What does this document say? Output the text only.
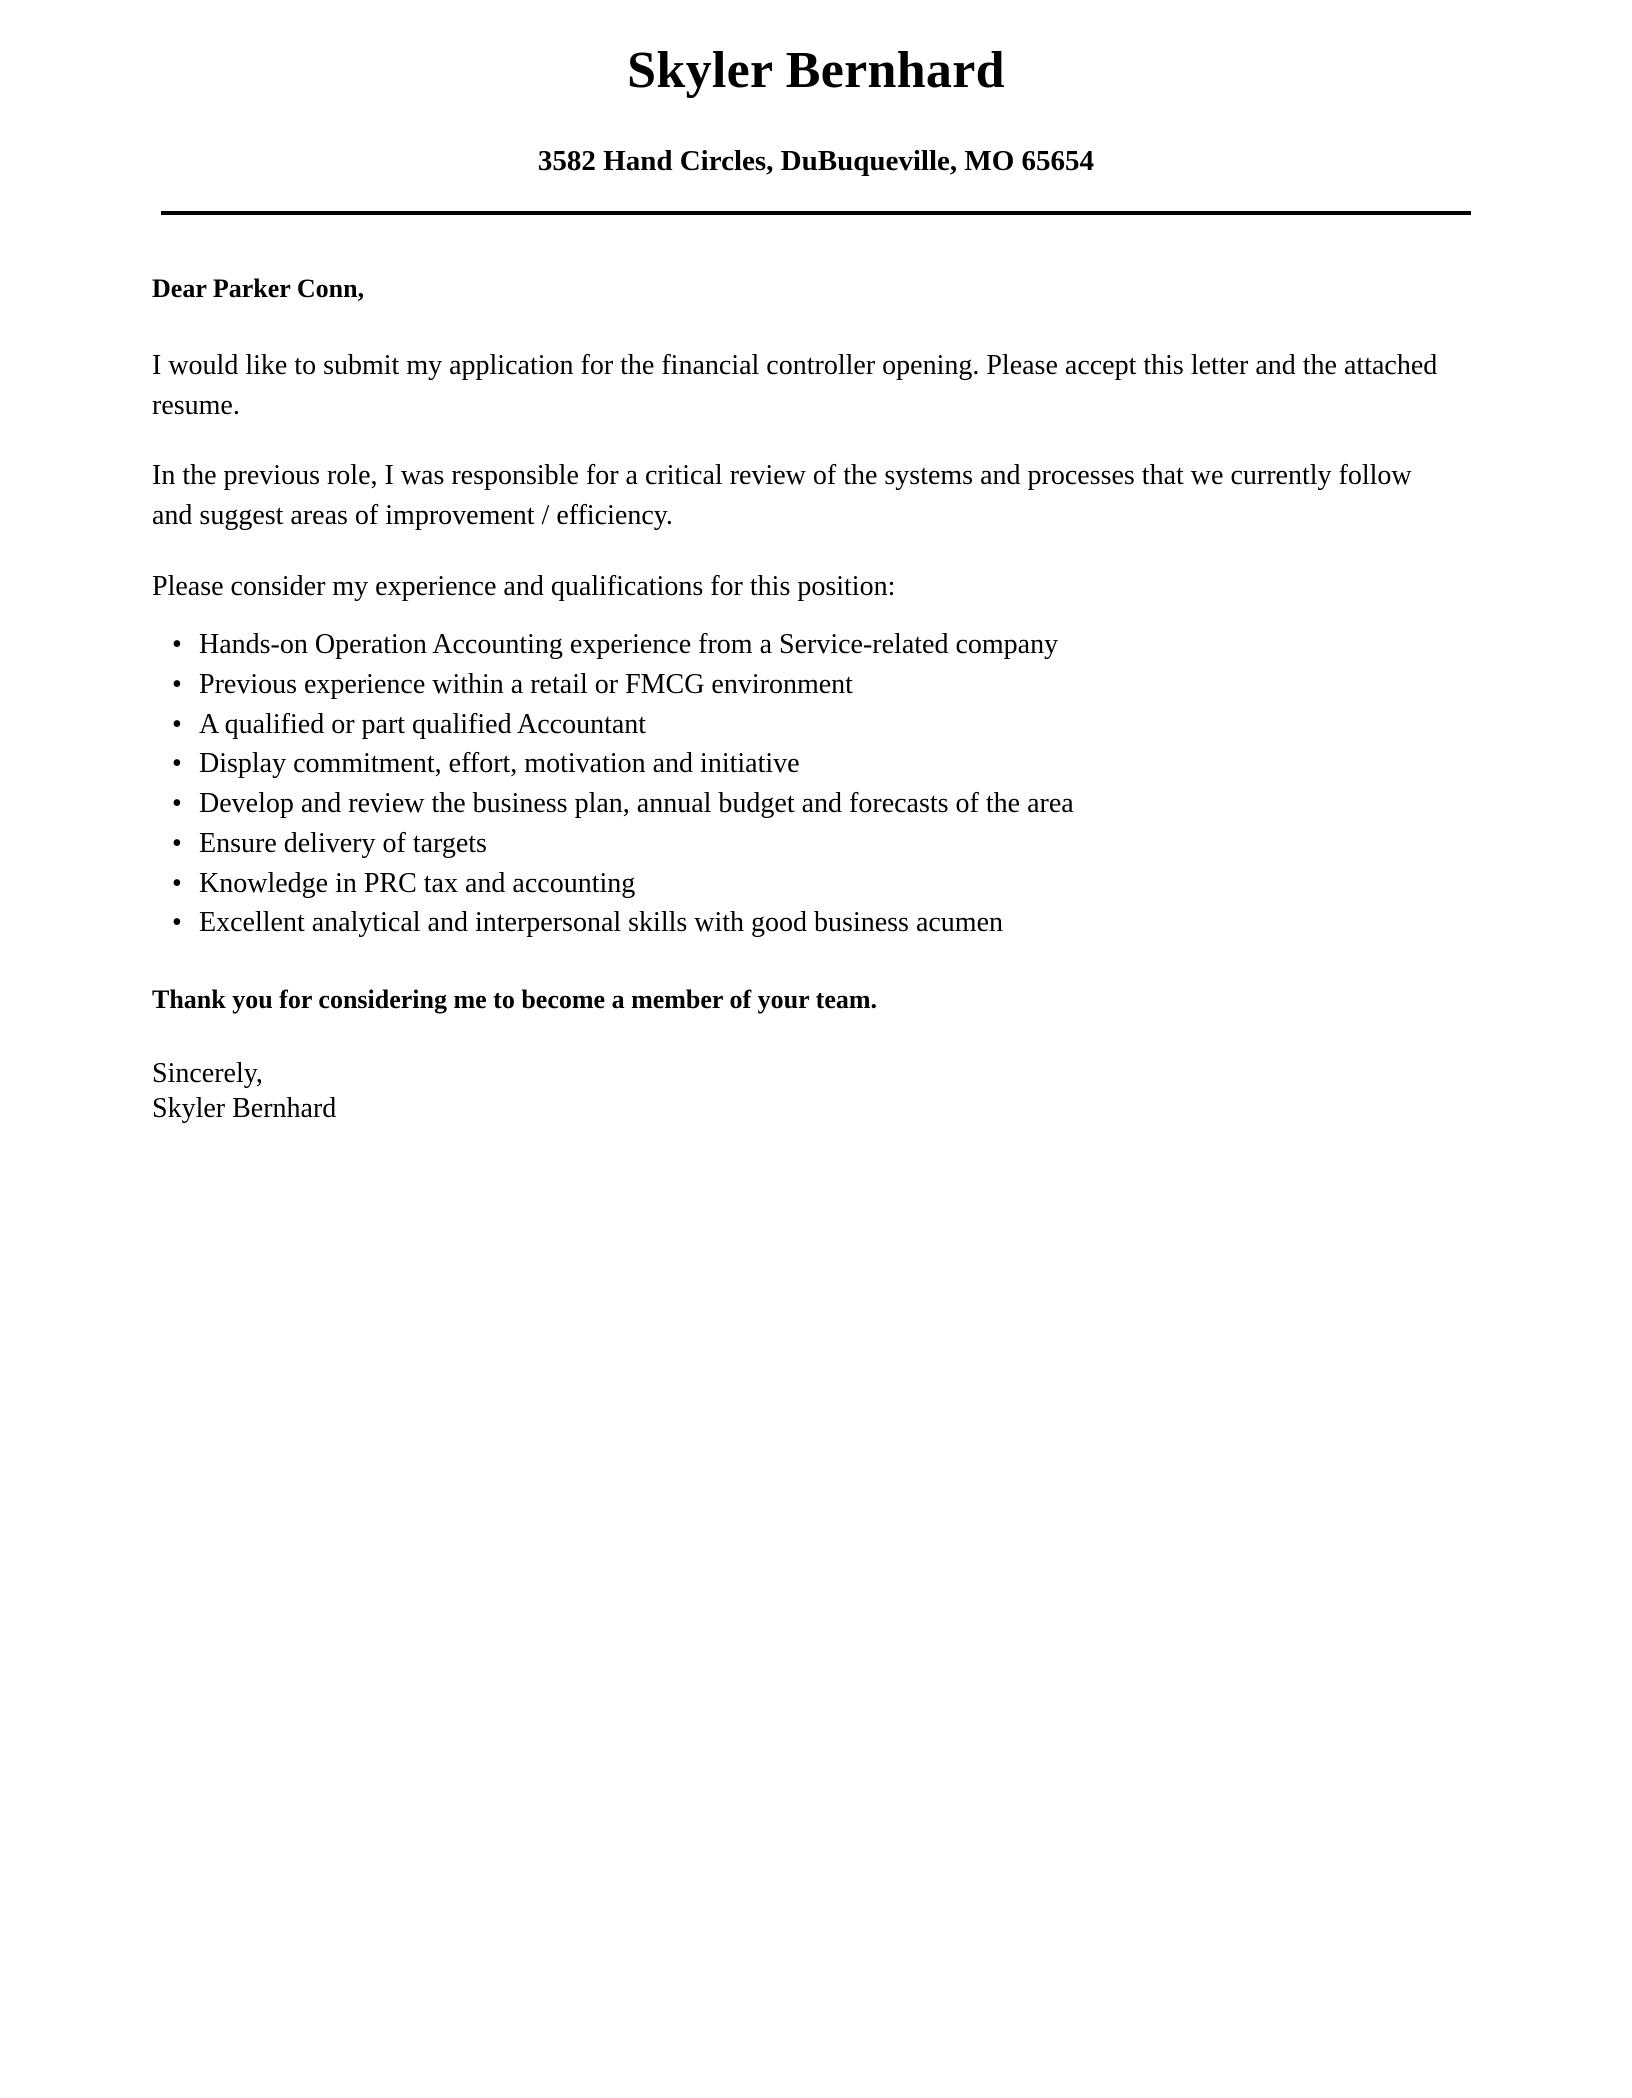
Skyler Bernhard
3582 Hand Circles, DuBuqueville, MO 65654

Dear Parker Conn,

I would like to submit my application for the financial controller opening. Please accept this letter and the attached resume.

In the previous role, I was responsible for a critical review of the systems and processes that we currently follow and suggest areas of improvement / efficiency.

Please consider my experience and qualifications for this position:

• Hands-on Operation Accounting experience from a Service-related company
• Previous experience within a retail or FMCG environment
• A qualified or part qualified Accountant
• Display commitment, effort, motivation and initiative
• Develop and review the business plan, annual budget and forecasts of the area
• Ensure delivery of targets
• Knowledge in PRC tax and accounting
• Excellent analytical and interpersonal skills with good business acumen

Thank you for considering me to become a member of your team.

Sincerely,
Skyler Bernhard
